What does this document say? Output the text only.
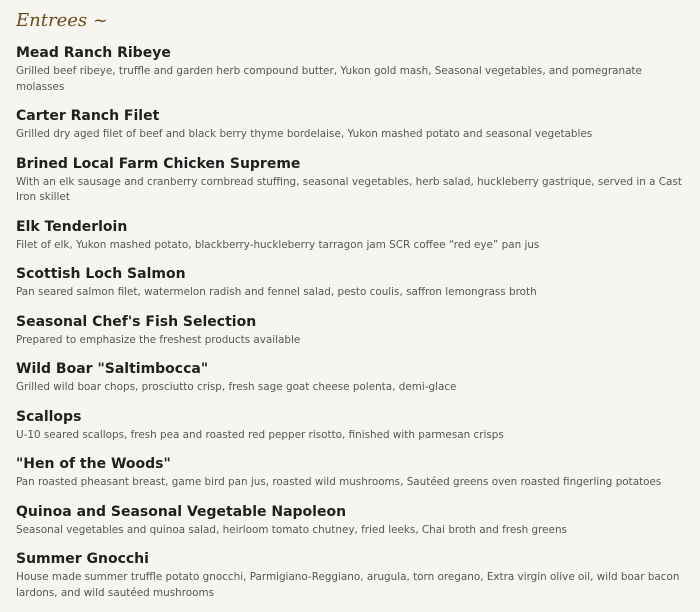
Entrees ~
Mead Ranch Ribeye
Grilled beef ribeye, truffle and garden herb compound butter, Yukon gold mash, Seasonal vegetables, and pomegranate molasses
Carter Ranch Filet
Grilled dry aged filet of beef and black berry thyme bordelaise, Yukon mashed potato and seasonal vegetables
Brined Local Farm Chicken Supreme
With an elk sausage and cranberry cornbread stuffing, seasonal vegetables, herb salad, huckleberry gastrique, served in a Cast Iron skillet
Elk Tenderloin
Filet of elk, Yukon mashed potato, blackberry-huckleberry tarragon jam SCR coffee “red eye” pan jus
Scottish Loch Salmon
Pan seared salmon filet, watermelon radish and fennel salad, pesto coulis, saffron lemongrass broth
Seasonal Chef's Fish Selection
Prepared to emphasize the freshest products available
Wild Boar "Saltimbocca"
Grilled wild boar chops, prosciutto crisp, fresh sage goat cheese polenta, demi-glace
Scallops
U-10 seared scallops, fresh pea and roasted red pepper risotto, finished with parmesan crisps
"Hen of the Woods"
Pan roasted pheasant breast, game bird pan jus, roasted wild mushrooms, Sautéed greens oven roasted fingerling potatoes
Quinoa and Seasonal Vegetable Napoleon
Seasonal vegetables and quinoa salad, heirloom tomato chutney, fried leeks, Chai broth and fresh greens
Summer Gnocchi
House made summer truffle potato gnocchi, Parmigiano-Reggiano, arugula, torn oregano, Extra virgin olive oil, wild boar bacon lardons, and wild sautéed mushrooms
